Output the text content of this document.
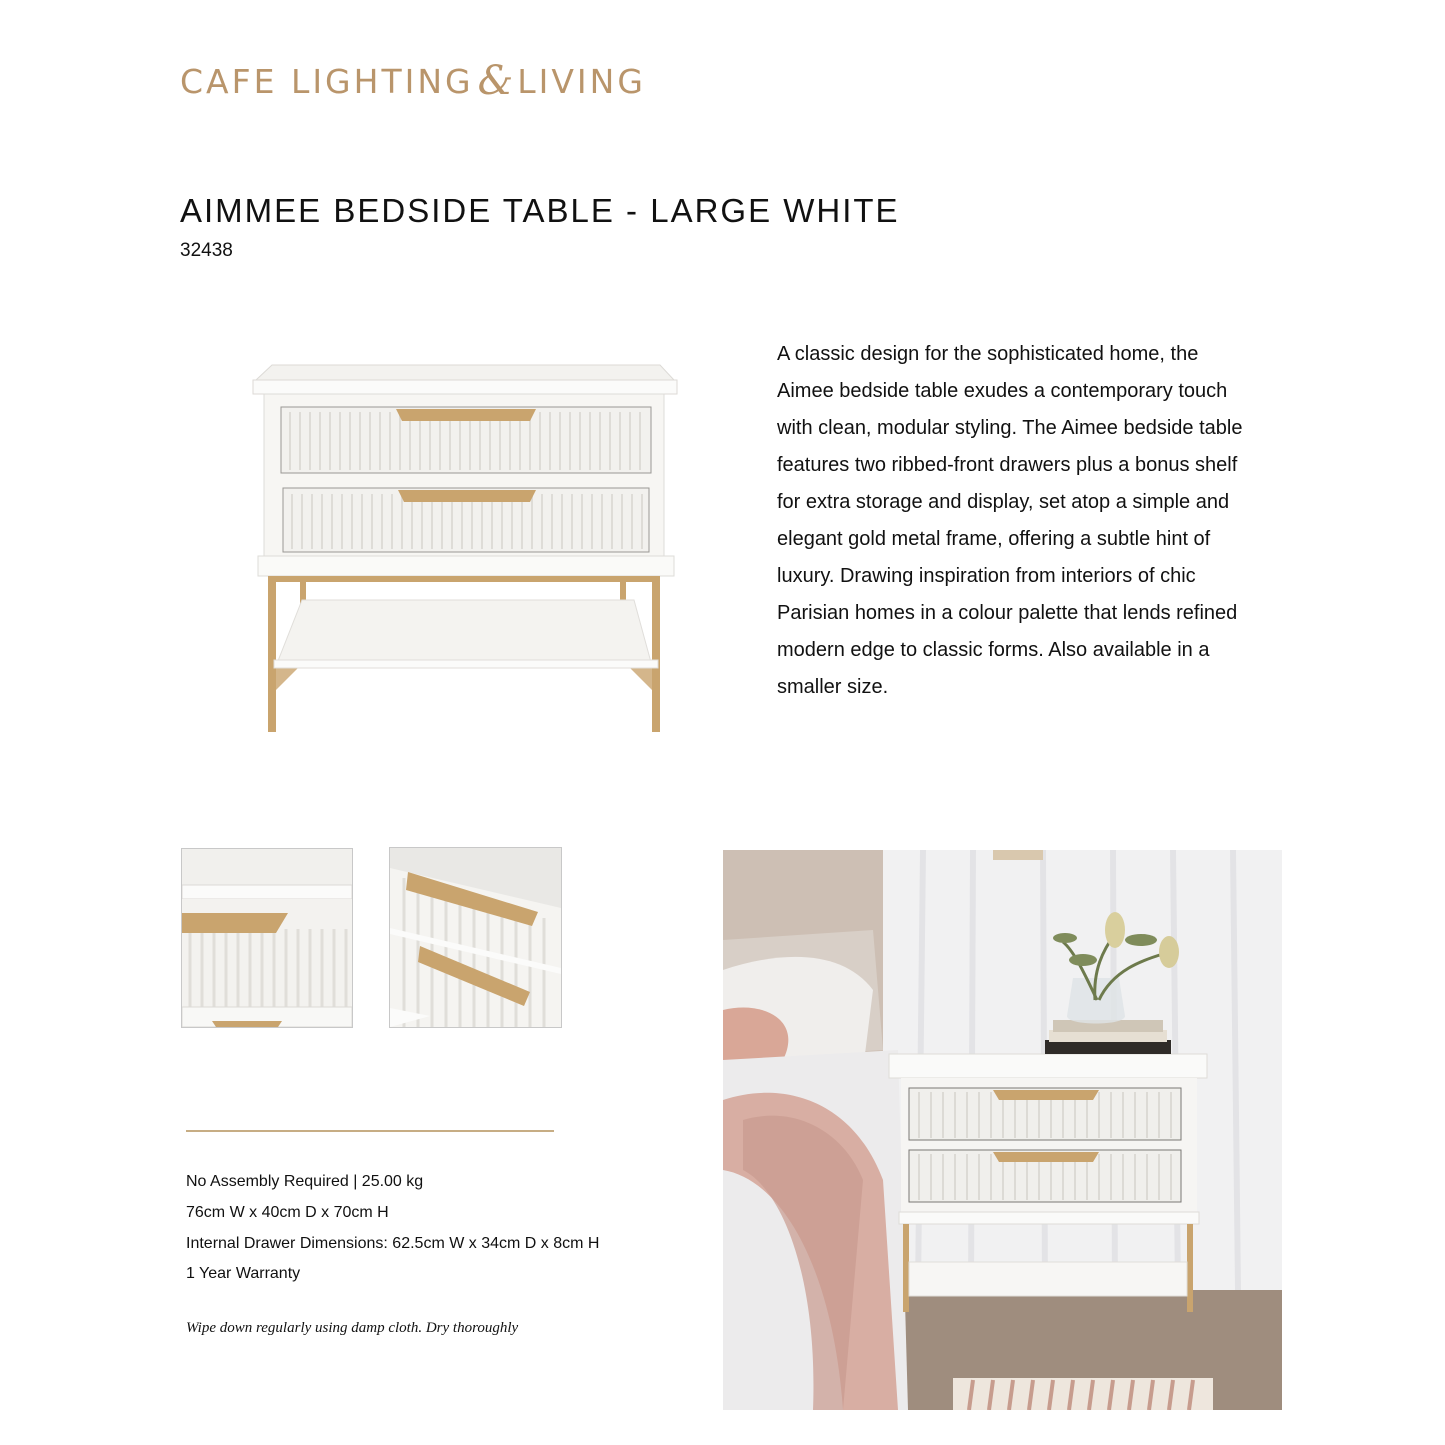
CAFE LIGHTING & LIVING
AIMMEE BEDSIDE TABLE - LARGE WHITE
32438
A classic design for the sophisticated home, the Aimee bedside table exudes a contemporary touch with clean, modular styling. The Aimee bedside table features two ribbed-front drawers plus a bonus shelf for extra storage and display, set atop a simple and elegant gold metal frame, offering a subtle hint of luxury. Drawing inspiration from interiors of chic Parisian homes in a colour palette that lends refined modern edge to classic forms. Also available in a smaller size.
No Assembly Required | 25.00 kg
76cm W x 40cm D x 70cm H
Internal Drawer Dimensions: 62.5cm W x 34cm D x 8cm H
1 Year Warranty
Wipe down regularly using damp cloth. Dry thoroughly
